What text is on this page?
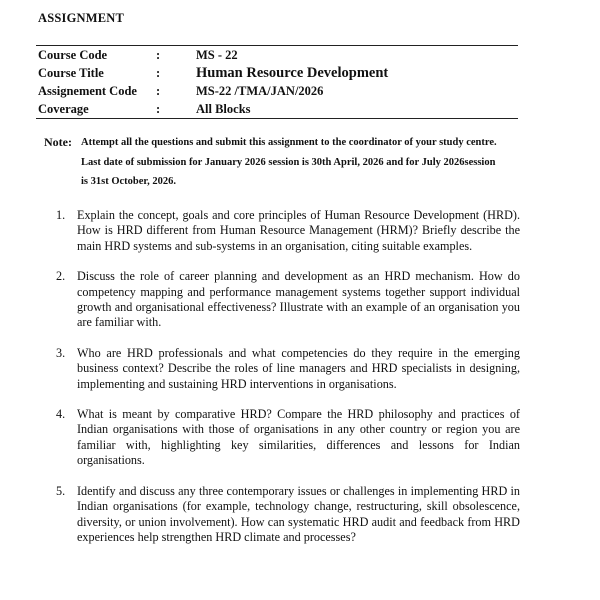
ASSIGNMENT
Course Code	:	MS - 22
Course Title	: Human Resource Development
Assignement Code :	MS-22 /TMA/JAN/2026
Coverage	:	All Blocks
Note: Attempt all the questions and submit this assignment to the coordinator of your study centre.
Last date of submission for January 2026 session is 30th April, 2026 and for July 2026session
is 31st October, 2026.

1. Explain the concept, goals and core principles of Human Resource Development (HRD). How is HRD different from Human Resource Management (HRM)? Briefly describe the main HRD systems and sub-systems in an organisation, citing suitable examples.

2. Discuss the role of career planning and development as an HRD mechanism. How do competency mapping and performance management systems together support individual growth and organisational effectiveness? Illustrate with an example of an organisation you are familiar with.

3. Who are HRD professionals and what competencies do they require in the emerging business context? Describe the roles of line managers and HRD specialists in designing, implementing and sustaining HRD interventions in organisations.

4. What is meant by comparative HRD? Compare the HRD philosophy and practices of Indian organisations with those of organisations in any other country or region you are familiar with, highlighting key similarities, differences and lessons for Indian organisations.

5. Identify and discuss any three contemporary issues or challenges in implementing HRD in Indian organisations (for example, technology change, restructuring, skill obsolescence, diversity, or union involvement). How can systematic HRD audit and feedback from HRD experiences help strengthen HRD climate and processes?
